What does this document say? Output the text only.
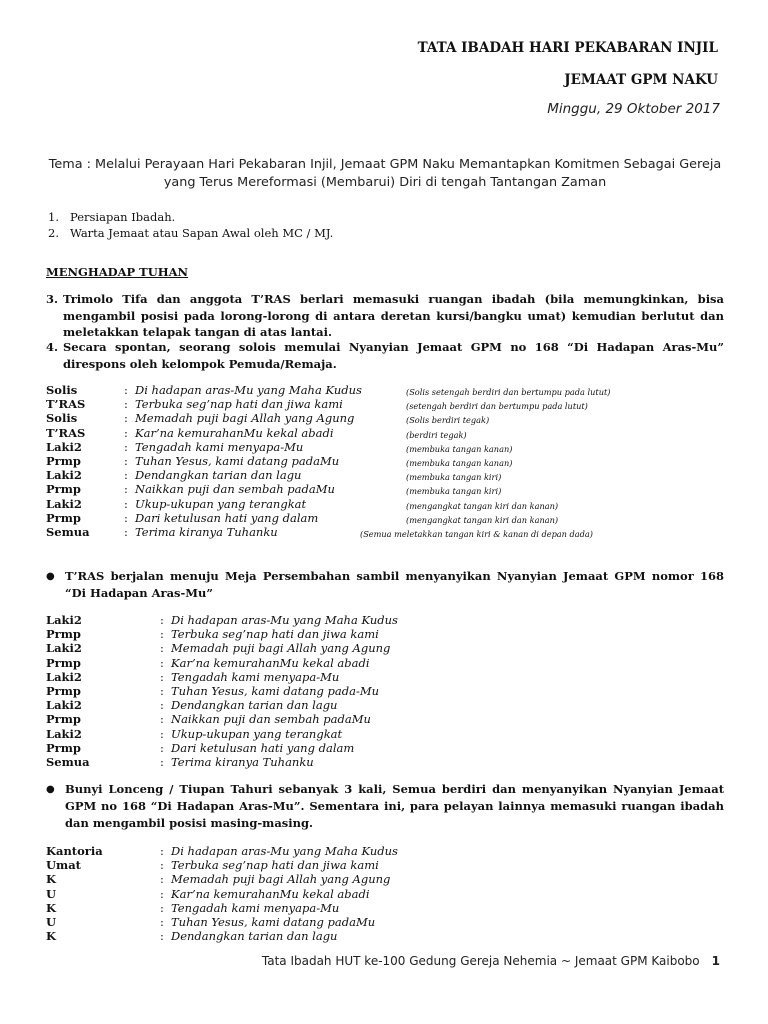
TATA IBADAH HARI PEKABARAN INJIL
JEMAAT GPM NAKU
Minggu, 29 Oktober 2017
Tema : Melalui Perayaan Hari Pekabaran Injil, Jemaat GPM Naku Memantapkan Komitmen Sebagai Gereja yang Terus Mereformasi (Membarui) Diri di tengah Tantangan Zaman
1. Persiapan Ibadah.
2. Warta Jemaat atau Sapan Awal oleh MC / MJ.
MENGHADAP TUHAN
3. Trimolo Tifa dan anggota T’RAS berlari memasuki ruangan ibadah (bila memungkinkan, bisa mengambil posisi pada lorong-lorong di antara deretan kursi/bangku umat) kemudian berlutut dan meletakkan telapak tangan di atas lantai.
4. Secara spontan, seorang solois memulai Nyanyian Jemaat GPM no 168 “Di Hadapan Aras-Mu” direspons oleh kelompok Pemuda/Remaja.
Solis	: Di hadapan aras-Mu yang Maha Kudus	(Solis setengah berdiri dan bertumpu pada lutut)
T’RAS	: Terbuka seg’nap hati dan jiwa kami	(setengah berdiri dan bertumpu pada lutut)
Solis	: Memadah puji bagi Allah yang Agung	(Solis berdiri tegak)
T’RAS	: Kar’na kemurahanMu kekal abadi	(berdiri tegak)
Laki2	: Tengadah kami menyapa-Mu	(membuka tangan kanan)
Prmp	: Tuhan Yesus, kami datang padaMu	(membuka tangan kanan)
Laki2	: Dendangkan tarian dan lagu	(membuka tangan kiri)
Prmp	: Naikkan puji dan sembah padaMu	(membuka tangan kiri)
Laki2	: Ukup-ukupan yang terangkat	(mengangkat tangan kiri dan kanan)
Prmp	: Dari ketulusan hati yang dalam	(mengangkat tangan kiri dan kanan)
Semua	: Terima kiranya Tuhanku	(Semua meletakkan tangan kiri & kanan di depan dada)
● T’RAS berjalan menuju Meja Persembahan sambil menyanyikan Nyanyian Jemaat GPM nomor 168 “Di Hadapan Aras-Mu”
Laki2	: Di hadapan aras-Mu yang Maha Kudus
Prmp	: Terbuka seg’nap hati dan jiwa kami
Laki2	: Memadah puji bagi Allah yang Agung
Prmp	: Kar’na kemurahanMu kekal abadi
Laki2	: Tengadah kami menyapa-Mu
Prmp	: Tuhan Yesus, kami datang pada-Mu
Laki2	: Dendangkan tarian dan lagu
Prmp	: Naikkan puji dan sembah padaMu
Laki2	: Ukup-ukupan yang terangkat
Prmp	: Dari ketulusan hati yang dalam
Semua	: Terima kiranya Tuhanku
● Bunyi Lonceng / Tiupan Tahuri sebanyak 3 kali, Semua berdiri dan menyanyikan Nyanyian Jemaat GPM no 168 “Di Hadapan Aras-Mu”. Sementara ini, para pelayan lainnya memasuki ruangan ibadah dan mengambil posisi masing-masing.
Kantoria	: Di hadapan aras-Mu yang Maha Kudus
Umat	: Terbuka seg’nap hati dan jiwa kami
K	: Memadah puji bagi Allah yang Agung
U	: Kar’na kemurahanMu kekal abadi
K	: Tengadah kami menyapa-Mu
U	: Tuhan Yesus, kami datang padaMu
K	: Dendangkan tarian dan lagu
Tata Ibadah HUT ke-100 Gedung Gereja Nehemia ~ Jemaat GPM Kaibobo 1
